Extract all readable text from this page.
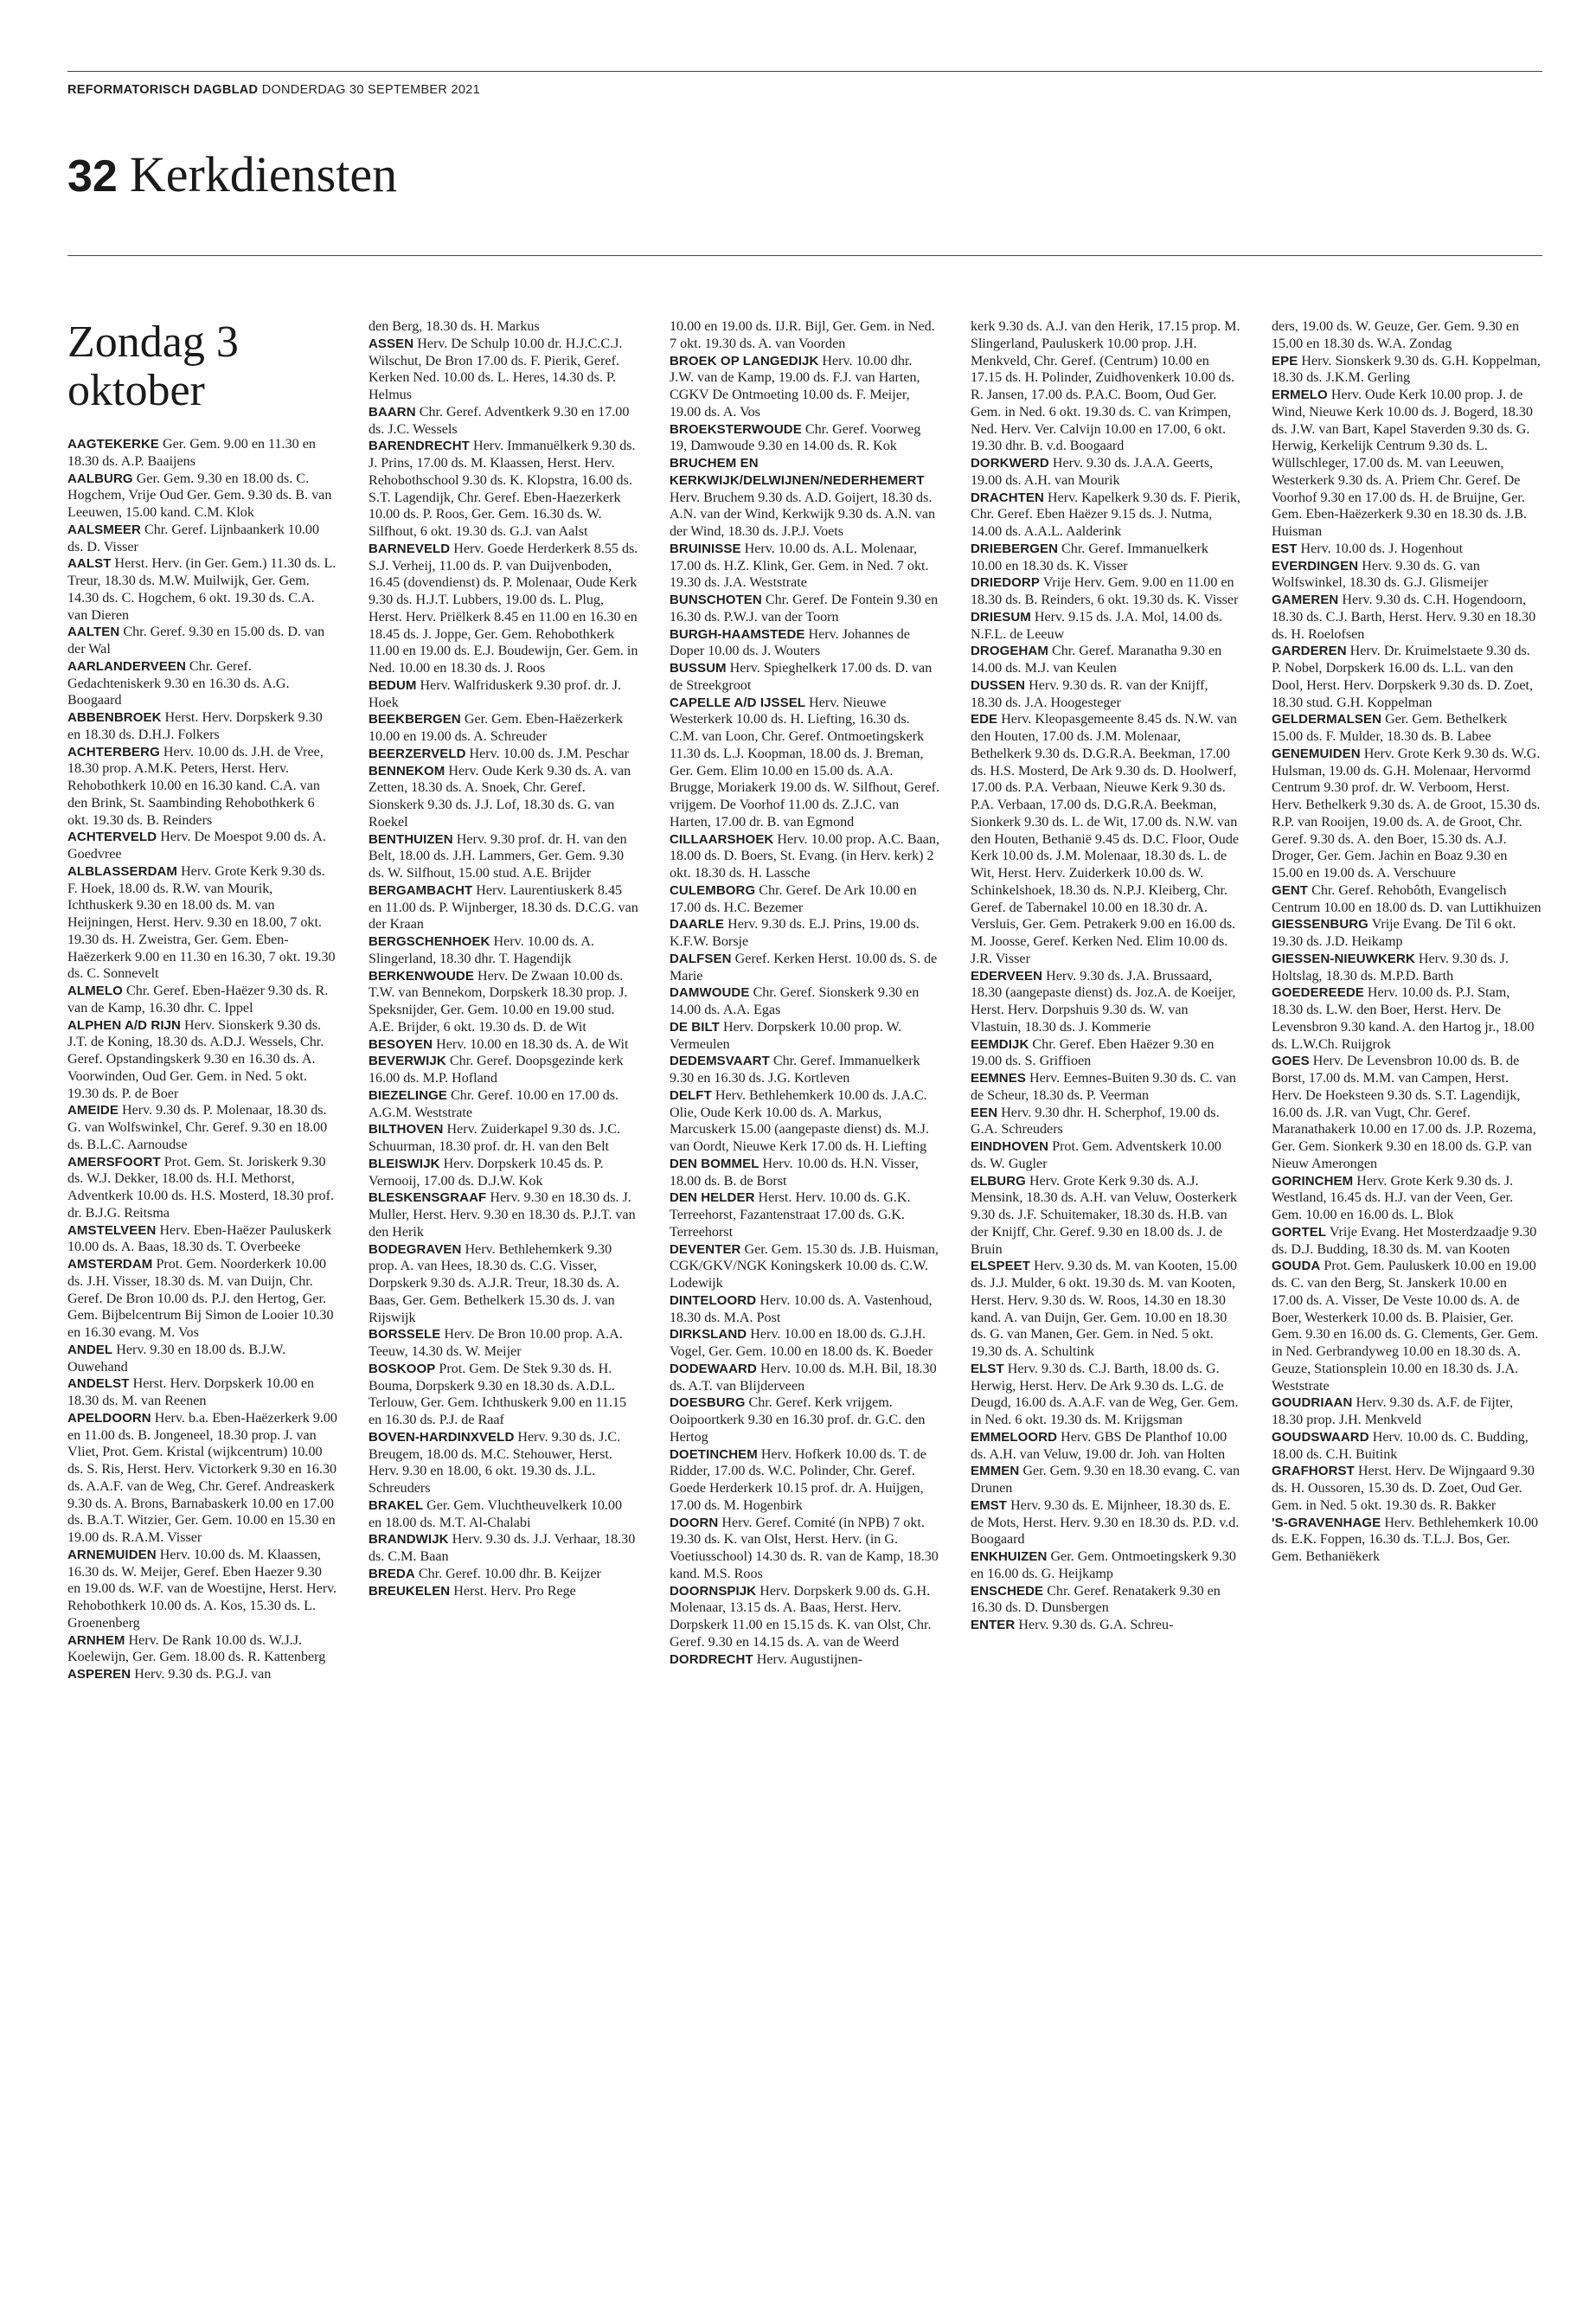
REFORMATORISCH DAGBLAD DONDERDAG 30 SEPTEMBER 2021
32 Kerkdiensten
Zondag 3 oktober

AAGTEKERKE Ger. Gem. 9.00 en 11.30 en 18.30 ds. A.P. Baaijens

AALBURG Ger. Gem. 9.30 en 18.00 ds. C. Hogchem, Vrije Oud Ger. Gem. 9.30 ds. B. van Leeuwen, 15.00 kand. C.M. Klok

AALSMEER Chr. Geref. Lijnbaankerk 10.00 ds. D. Visser

AALST Herst. Herv. (in Ger. Gem.) 11.30 ds. L. Treur, 18.30 ds. M.W. Muilwijk, Ger. Gem. 14.30 ds. C. Hogchem, 6 okt. 19.30 ds. C.A. van Dieren

AALTEN Chr. Geref. 9.30 en 15.00 ds. D. van der Wal

AARLANDERVEEN Chr. Geref. Gedachteniskerk 9.30 en 16.30 ds. A.G. Boogaard

ABBENBROEK Herst. Herv. Dorpskerk 9.30 en 18.30 ds. D.H.J. Folkers

ACHTERBERG Herv. 10.00 ds. J.H. de Vree, 18.30 prop. A.M.K. Peters, Herst. Herv. Rehobothkerk 10.00 en 16.30 kand. C.A. van den Brink, St. Saambinding Rehobothkerk 6 okt. 19.30 ds. B. Reinders

ACHTERVELD Herv. De Moespot 9.00 ds. A. Goedvree

ALBLASSERDAM Herv. Grote Kerk 9.30 ds. F. Hoek, 18.00 ds. R.W. van Mourik, Ichthuskerk 9.30 en 18.00 ds. M. van Heijningen, Herst. Herv. 9.30 en 18.00, 7 okt. 19.30 ds. H. Zweistra, Ger. Gem. Eben-Haëzerkerk 9.00 en 11.30 en 16.30, 7 okt. 19.30 ds. C. Sonnevelt

ALMELO Chr. Geref. Eben-Haëzer 9.30 ds. R. van de Kamp, 16.30 dhr. C. Ippel

ALPHEN A/D RIJN Herv. Sionskerk 9.30 ds. J.T. de Koning, 18.30 ds. A.D.J. Wessels, Chr. Geref. Opstandingskerk 9.30 en 16.30 ds. A. Voorwinden, Oud Ger. Gem. in Ned. 5 okt. 19.30 ds. P. de Boer

AMEIDE Herv. 9.30 ds. P. Molenaar, 18.30 ds. G. van Wolfswinkel, Chr. Geref. 9.30 en 18.00 ds. B.L.C. Aarnoudse

AMERSFOORT Prot. Gem. St. Joriskerk 9.30 ds. W.J. Dekker, 18.00 ds. H.I. Methorst, Adventkerk 10.00 ds. H.S. Mosterd, 18.30 prof. dr. B.J.G. Reitsma

AMSTELVEEN Herv. Eben-Haëzer Pauluskerk 10.00 ds. A. Baas, 18.30 ds. T. Overbeeke

AMSTERDAM Prot. Gem. Noorderkerk 10.00 ds. J.H. Visser, 18.30 ds. M. van Duijn, Chr. Geref. De Bron 10.00 ds. P.J. den Hertog, Ger. Gem. Bijbelcentrum Bij Simon de Looier 10.30 en 16.30 evang. M. Vos

ANDEL Herv. 9.30 en 18.00 ds. B.J.W. Ouwehand

ANDELST Herst. Herv. Dorpskerk 10.00 en 18.30 ds. M. van Reenen

APELDOORN Herv. b.a. Eben-Haëzerkerk 9.00 en 11.00 ds. B. Jongeneel, 18.30 prop. J. van Vliet, Prot. Gem. Kristal (wijkcentrum) 10.00 ds. S. Ris, Herst. Herv. Victorkerk 9.30 en 16.30 ds. A.A.F. van de Weg, Chr. Geref. Andreaskerk 9.30 ds. A. Brons, Barnabaskerk 10.00 en 17.00 ds. B.A.T. Witzier, Ger. Gem. 10.00 en 15.30 en 19.00 ds. R.A.M. Visser

ARNEMUIDEN Herv. 10.00 ds. M. Klaassen, 16.30 ds. W. Meijer, Geref. Eben Haezer 9.30 en 19.00 ds. W.F. van de Woestijne, Herst. Herv. Rehobothkerk 10.00 ds. A. Kos, 15.30 ds. L. Groenenberg

ARNHEM Herv. De Rank 10.00 ds. W.J.J. Koelewijn, Ger. Gem. 18.00 ds. R. Kattenberg

ASPEREN Herv. 9.30 ds. P.G.J. van

den Berg, 18.30 ds. H. Markus

ASSEN Herv. De Schulp 10.00 dr. H.J.C.C.J. Wilschut, De Bron 17.00 ds. F. Pierik, Geref. Kerken Ned. 10.00 ds. L. Heres, 14.30 ds. P. Helmus

BAARN Chr. Geref. Adventkerk 9.30 en 17.00 ds. J.C. Wessels

BARENDRECHT Herv. Immanuëlkerk 9.30 ds. J. Prins, 17.00 ds. M. Klaassen, Herst. Herv. Rehobothschool 9.30 ds. K. Klopstra, 16.00 ds. S.T. Lagendijk, Chr. Geref. Eben-Haezerkerk 10.00 ds. P. Roos, Ger. Gem. 16.30 ds. W. Silfhout, 6 okt. 19.30 ds. G.J. van Aalst

BARNEVELD Herv. Goede Herderkerk 8.55 ds. S.J. Verheij, 11.00 ds. P. van Duijvenboden, 16.45 (dovendienst) ds. P. Molenaar, Oude Kerk 9.30 ds. H.J.T. Lubbers, 19.00 ds. L. Plug, Herst. Herv. Priëlkerk 8.45 en 11.00 en 16.30 en 18.45 ds. J. Joppe, Ger. Gem. Rehobothkerk 11.00 en 19.00 ds. E.J. Boudewijn, Ger. Gem. in Ned. 10.00 en 18.30 ds. J. Roos

BEDUM Herv. Walfriduskerk 9.30 prof. dr. J. Hoek

BEEKBERGEN Ger. Gem. Eben-Haëzerkerk 10.00 en 19.00 ds. A. Schreuder

BEERZERVELD Herv. 10.00 ds. J.M. Peschar

BENNEKOM Herv. Oude Kerk 9.30 ds. A. van Zetten, 18.30 ds. A. Snoek, Chr. Geref. Sionskerk 9.30 ds. J.J. Lof, 18.30 ds. G. van Roekel

BENTHUIZEN Herv. 9.30 prof. dr. H. van den Belt, 18.00 ds. J.H. Lammers, Ger. Gem. 9.30 ds. W. Silfhout, 15.00 stud. A.E. Brijder

BERGAMBACHT Herv. Laurentiuskerk 8.45 en 11.00 ds. P. Wijnberger, 18.30 ds. D.C.G. van der Kraan

BERGSCHENHOEK Herv. 10.00 ds. A. Slingerland, 18.30 dhr. T. Hagendijk

BERKENWOUDE Herv. De Zwaan 10.00 ds. T.W. van Bennekom, Dorpskerk 18.30 prop. J. Speksnijder, Ger. Gem. 10.00 en 19.00 stud. A.E. Brijder, 6 okt. 19.30 ds. D. de Wit

BESOYEN Herv. 10.00 en 18.30 ds. A. de Wit

BEVERWIJK Chr. Geref. Doopsgezinde kerk 16.00 ds. M.P. Hofland

BIEZELINGE Chr. Geref. 10.00 en 17.00 ds. A.G.M. Weststrate

BILTHOVEN Herv. Zuiderkapel 9.30 ds. J.C. Schuurman, 18.30 prof. dr. H. van den Belt

BLEISWIJK Herv. Dorpskerk 10.45 ds. P. Vernooij, 17.00 ds. D.J.W. Kok

BLESKENSGRAAF Herv. 9.30 en 18.30 ds. J. Muller, Herst. Herv. 9.30 en 18.30 ds. P.J.T. van den Herik

BODEGRAVEN Herv. Bethlehemkerk 9.30 prop. A. van Hees, 18.30 ds. C.G. Visser, Dorpskerk 9.30 ds. A.J.R. Treur, 18.30 ds. A. Baas, Ger. Gem. Bethelkerk 15.30 ds. J. van Rijswijk

BORSSELE Herv. De Bron 10.00 prop. A.A. Teeuw, 14.30 ds. W. Meijer

BOSKOOP Prot. Gem. De Stek 9.30 ds. H. Bouma, Dorpskerk 9.30 en 18.30 ds. A.D.L. Terlouw, Ger. Gem. Ichthuskerk 9.00 en 11.15 en 16.30 ds. P.J. de Raaf

BOVEN-HARDINXVELD Herv. 9.30 ds. J.C. Breugem, 18.00 ds. M.C. Stehouwer, Herst. Herv. 9.30 en 18.00, 6 okt. 19.30 ds. J.L. Schreuders

BRAKEL Ger. Gem. Vluchtheuvelkerk 10.00 en 18.00 ds. M.T. Al-Chalabi

BRANDWIJK Herv. 9.30 ds. J.J. Verhaar, 18.30 ds. C.M. Baan

BREDA Chr. Geref. 10.00 dhr. B. Keijzer

BREUKELEN Herst. Herv. Pro Rege

10.00 en 19.00 ds. IJ.R. Bijl, Ger. Gem. in Ned. 7 okt. 19.30 ds. A. van Voorden

BROEK OP LANGEDIJK Herv. 10.00 dhr. J.W. van de Kamp, 19.00 ds. F.J. van Harten, CGKV De Ontmoeting 10.00 ds. F. Meijer, 19.00 ds. A. Vos

BROEKSTERWOUDE Chr. Geref. Voorweg 19, Damwoude 9.30 en 14.00 ds. R. Kok

BRUCHEM EN KERKWIJK/DELWIJNEN/NEDERHEMERT Herv. Bruchem 9.30 ds. A.D. Goijert, 18.30 ds. A.N. van der Wind, Kerkwijk 9.30 ds. A.N. van der Wind, 18.30 ds. J.P.J. Voets

BRUINISSE Herv. 10.00 ds. A.L. Molenaar, 17.00 ds. H.Z. Klink, Ger. Gem. in Ned. 7 okt. 19.30 ds. J.A. Weststrate

BUNSCHOTEN Chr. Geref. De Fontein 9.30 en 16.30 ds. P.W.J. van der Toorn

BURGH-HAAMSTEDE Herv. Johannes de Doper 10.00 ds. J. Wouters

BUSSUM Herv. Spieghelkerk 17.00 ds. D. van de Streekgroot

CAPELLE A/D IJSSEL Herv. Nieuwe Westerkerk 10.00 ds. H. Liefting, 16.30 ds. C.M. van Loon, Chr. Geref. Ontmoetingskerk 11.30 ds. L.J. Koopman, 18.00 ds. J. Breman, Ger. Gem. Elim 10.00 en 15.00 ds. A.A. Brugge, Moriakerk 19.00 ds. W. Silfhout, Geref. vrijgem. De Voorhof 11.00 ds. Z.J.C. van Harten, 17.00 dr. B. van Egmond

CILLAARSHOEK Herv. 10.00 prop. A.C. Baan, 18.00 ds. D. Boers, St. Evang. (in Herv. kerk) 2 okt. 18.30 ds. H. Lassche

CULEMBORG Chr. Geref. De Ark 10.00 en 17.00 ds. H.C. Bezemer

DAARLE Herv. 9.30 ds. E.J. Prins, 19.00 ds. K.F.W. Borsje

DALFSEN Geref. Kerken Herst. 10.00 ds. S. de Marie

DAMWOUDE Chr. Geref. Sionskerk 9.30 en 14.00 ds. A.A. Egas

DE BILT Herv. Dorpskerk 10.00 prop. W. Vermeulen

DEDEMSVAART Chr. Geref. Immanuelkerk 9.30 en 16.30 ds. J.G. Kortleven

DELFT Herv. Bethlehemkerk 10.00 ds. J.A.C. Olie, Oude Kerk 10.00 ds. A. Markus, Marcuskerk 15.00 (aangepaste dienst) ds. M.J. van Oordt, Nieuwe Kerk 17.00 ds. H. Liefting

DEN BOMMEL Herv. 10.00 ds. H.N. Visser, 18.00 ds. B. de Borst

DEN HELDER Herst. Herv. 10.00 ds. G.K. Terreehorst, Fazantenstraat 17.00 ds. G.K. Terreehorst

DEVENTER Ger. Gem. 15.30 ds. J.B. Huisman, CGK/GKV/NGK Koningskerk 10.00 ds. C.W. Lodewijk

DINTELOORD Herv. 10.00 ds. A. Vastenhoud, 18.30 ds. M.A. Post

DIRKSLAND Herv. 10.00 en 18.00 ds. G.J.H. Vogel, Ger. Gem. 10.00 en 18.00 ds. K. Boeder

DODEWAARD Herv. 10.00 ds. M.H. Bil, 18.30 ds. A.T. van Blijderveen

DOESBURG Chr. Geref. Kerk vrijgem. Ooipoortkerk 9.30 en 16.30 prof. dr. G.C. den Hertog

DOETINCHEM Herv. Hofkerk 10.00 ds. T. de Ridder, 17.00 ds. W.C. Polinder, Chr. Geref. Goede Herderkerk 10.15 prof. dr. A. Huijgen, 17.00 ds. M. Hogenbirk

DOORN Herv. Geref. Comité (in NPB) 7 okt. 19.30 ds. K. van Olst, Herst. Herv. (in G. Voetiusschool) 14.30 ds. R. van de Kamp, 18.30 kand. M.S. Roos

DOORNSPIJK Herv. Dorpskerk 9.00 ds. G.H. Molenaar, 13.15 ds. A. Baas, Herst. Herv. Dorpskerk 11.00 en 15.15 ds. K. van Olst, Chr. Geref. 9.30 en 14.15 ds. A. van de Weerd

DORDRECHT Herv. Augustijnen-

kerk 9.30 ds. A.J. van den Herik, 17.15 prop. M. Slingerland, Pauluskerk 10.00 prop. J.H. Menkveld, Chr. Geref. (Centrum) 10.00 en 17.15 ds. H. Polinder, Zuidhovenkerk 10.00 ds. R. Jansen, 17.00 ds. P.A.C. Boom, Oud Ger. Gem. in Ned. 6 okt. 19.30 ds. C. van Krimpen, Ned. Herv. Ver. Calvijn 10.00 en 17.00, 6 okt. 19.30 dhr. B. v.d. Boogaard

DORKWERD Herv. 9.30 ds. J.A.A. Geerts, 19.00 ds. A.H. van Mourik

DRACHTEN Herv. Kapelkerk 9.30 ds. F. Pierik, Chr. Geref. Eben Haëzer 9.15 ds. J. Nutma, 14.00 ds. A.A.L. Aalderink

DRIEBERGEN Chr. Geref. Immanuelkerk 10.00 en 18.30 ds. K. Visser

DRIEDORP Vrije Herv. Gem. 9.00 en 11.00 en 18.30 ds. B. Reinders, 6 okt. 19.30 ds. K. Visser

DRIESUM Herv. 9.15 ds. J.A. Mol, 14.00 ds. N.F.L. de Leeuw

DROGEHAM Chr. Geref. Maranatha 9.30 en 14.00 ds. M.J. van Keulen

DUSSEN Herv. 9.30 ds. R. van der Knijff, 18.30 ds. J.A. Hoogesteger

EDE Herv. Kleopasgemeente 8.45 ds. N.W. van den Houten, 17.00 ds. J.M. Molenaar, Bethelkerk 9.30 ds. D.G.R.A. Beekman, 17.00 ds. H.S. Mosterd, De Ark 9.30 ds. D. Hoolwerf, 17.00 ds. P.A. Verbaan, Nieuwe Kerk 9.30 ds. P.A. Verbaan, 17.00 ds. D.G.R.A. Beekman, Sionkerk 9.30 ds. L. de Wit, 17.00 ds. N.W. van den Houten, Bethanië 9.45 ds. D.C. Floor, Oude Kerk 10.00 ds. J.M. Molenaar, 18.30 ds. L. de Wit, Herst. Herv. Zuiderkerk 10.00 ds. W. Schinkelshoek, 18.30 ds. N.P.J. Kleiberg, Chr. Geref. de Tabernakel 10.00 en 18.30 dr. A. Versluis, Ger. Gem. Petrakerk 9.00 en 16.00 ds. M. Joosse, Geref. Kerken Ned. Elim 10.00 ds. J.R. Visser

EDERVEEN Herv. 9.30 ds. J.A. Brussaard, 18.30 (aangepaste dienst) ds. Joz.A. de Koeijer, Herst. Herv. Dorpshuis 9.30 ds. W. van Vlastuin, 18.30 ds. J. Kommerie

EEMDIJK Chr. Geref. Eben Haëzer 9.30 en 19.00 ds. S. Griffioen

EEMNES Herv. Eemnes-Buiten 9.30 ds. C. van de Scheur, 18.30 ds. P. Veerman

EEN Herv. 9.30 dhr. H. Scherphof, 19.00 ds. G.A. Schreuders

EINDHOVEN Prot. Gem. Adventskerk 10.00 ds. W. Gugler

ELBURG Herv. Grote Kerk 9.30 ds. A.J. Mensink, 18.30 ds. A.H. van Veluw, Oosterkerk 9.30 ds. J.F. Schuitemaker, 18.30 ds. H.B. van der Knijff, Chr. Geref. 9.30 en 18.00 ds. J. de Bruin

ELSPEET Herv. 9.30 ds. M. van Kooten, 15.00 ds. J.J. Mulder, 6 okt. 19.30 ds. M. van Kooten, Herst. Herv. 9.30 ds. W. Roos, 14.30 en 18.30 kand. A. van Duijn, Ger. Gem. 10.00 en 18.30 ds. G. van Manen, Ger. Gem. in Ned. 5 okt. 19.30 ds. A. Schultink

ELST Herv. 9.30 ds. C.J. Barth, 18.00 ds. G. Herwig, Herst. Herv. De Ark 9.30 ds. L.G. de Deugd, 16.00 ds. A.A.F. van de Weg, Ger. Gem. in Ned. 6 okt. 19.30 ds. M. Krijgsman

EMMELOORD Herv. GBS De Planthof 10.00 ds. A.H. van Veluw, 19.00 dr. Joh. van Holten

EMMEN Ger. Gem. 9.30 en 18.30 evang. C. van Drunen

EMST Herv. 9.30 ds. E. Mijnheer, 18.30 ds. E. de Mots, Herst. Herv. 9.30 en 18.30 ds. P.D. v.d. Boogaard

ENKHUIZEN Ger. Gem. Ontmoetingskerk 9.30 en 16.00 ds. G. Heijkamp

ENSCHEDE Chr. Geref. Renatakerk 9.30 en 16.30 ds. D. Dunsbergen

ENTER Herv. 9.30 ds. G.A. Schreu-

ders, 19.00 ds. W. Geuze, Ger. Gem. 9.30 en 15.00 en 18.30 ds. W.A. Zondag

EPE Herv. Sionskerk 9.30 ds. G.H. Koppelman, 18.30 ds. J.K.M. Gerling

ERMELO Herv. Oude Kerk 10.00 prop. J. de Wind, Nieuwe Kerk 10.00 ds. J. Bogerd, 18.30 ds. J.W. van Bart, Kapel Staverden 9.30 ds. G. Herwig, Kerkelijk Centrum 9.30 ds. L. Wüllschleger, 17.00 ds. M. van Leeuwen, Westerkerk 9.30 ds. A. Priem Chr. Geref. De Voorhof 9.30 en 17.00 ds. H. de Bruijne, Ger. Gem. Eben-Haëzerkerk 9.30 en 18.30 ds. J.B. Huisman

EST Herv. 10.00 ds. J. Hogenhout

EVERDINGEN Herv. 9.30 ds. G. van Wolfswinkel, 18.30 ds. G.J. Glismeijer

GAMEREN Herv. 9.30 ds. C.H. Hogendoorn, 18.30 ds. C.J. Barth, Herst. Herv. 9.30 en 18.30 ds. H. Roelofsen

GARDEREN Herv. Dr. Kruimelstaete 9.30 ds. P. Nobel, Dorpskerk 16.00 ds. L.L. van den Dool, Herst. Herv. Dorpskerk 9.30 ds. D. Zoet, 18.30 stud. G.H. Koppelman

GELDERMALSEN Ger. Gem. Bethelkerk 15.00 ds. F. Mulder, 18.30 ds. B. Labee

GENEMUIDEN Herv. Grote Kerk 9.30 ds. W.G. Hulsman, 19.00 ds. G.H. Molenaar, Hervormd Centrum 9.30 prof. dr. W. Verboom, Herst. Herv. Bethelkerk 9.30 ds. A. de Groot, 15.30 ds. R.P. van Rooijen, 19.00 ds. A. de Groot, Chr. Geref. 9.30 ds. A. den Boer, 15.30 ds. A.J. Droger, Ger. Gem. Jachin en Boaz 9.30 en 15.00 en 19.00 ds. A. Verschuure

GENT Chr. Geref. Rehobôth, Evangelisch Centrum 10.00 en 18.00 ds. D. van Luttikhuizen

GIESSENBURG Vrije Evang. De Til 6 okt. 19.30 ds. J.D. Heikamp

GIESSEN-NIEUWKERK Herv. 9.30 ds. J. Holtslag, 18.30 ds. M.P.D. Barth

GOEDEREEDE Herv. 10.00 ds. P.J. Stam, 18.30 ds. L.W. den Boer, Herst. Herv. De Levensbron 9.30 kand. A. den Hartog jr., 18.00 ds. L.W.Ch. Ruijgrok

GOES Herv. De Levensbron 10.00 ds. B. de Borst, 17.00 ds. M.M. van Campen, Herst. Herv. De Hoeksteen 9.30 ds. S.T. Lagendijk, 16.00 ds. J.R. van Vugt, Chr. Geref. Maranathakerk 10.00 en 17.00 ds. J.P. Rozema, Ger. Gem. Sionkerk 9.30 en 18.00 ds. G.P. van Nieuw Amerongen

GORINCHEM Herv. Grote Kerk 9.30 ds. J. Westland, 16.45 ds. H.J. van der Veen, Ger. Gem. 10.00 en 16.00 ds. L. Blok

GORTEL Vrije Evang. Het Mosterdzaadje 9.30 ds. D.J. Budding, 18.30 ds. M. van Kooten

GOUDA Prot. Gem. Pauluskerk 10.00 en 19.00 ds. C. van den Berg, St. Janskerk 10.00 en 17.00 ds. A. Visser, De Veste 10.00 ds. A. de Boer, Westerkerk 10.00 ds. B. Plaisier, Ger. Gem. 9.30 en 16.00 ds. G. Clements, Ger. Gem. in Ned. Gerbrandyweg 10.00 en 18.30 ds. A. Geuze, Stationsplein 10.00 en 18.30 ds. J.A. Weststrate

GOUDRIAAN Herv. 9.30 ds. A.F. de Fijter, 18.30 prop. J.H. Menkveld

GOUDSWAARD Herv. 10.00 ds. C. Budding, 18.00 ds. C.H. Buitink

GRAFHORST Herst. Herv. De Wijngaard 9.30 ds. H. Oussoren, 15.30 ds. D. Zoet, Oud Ger. Gem. in Ned. 5 okt. 19.30 ds. R. Bakker

'S-GRAVENHAGE Herv. Bethlehemkerk 10.00 ds. E.K. Foppen, 16.30 ds. T.L.J. Bos, Ger. Gem. Bethaniëkerk
